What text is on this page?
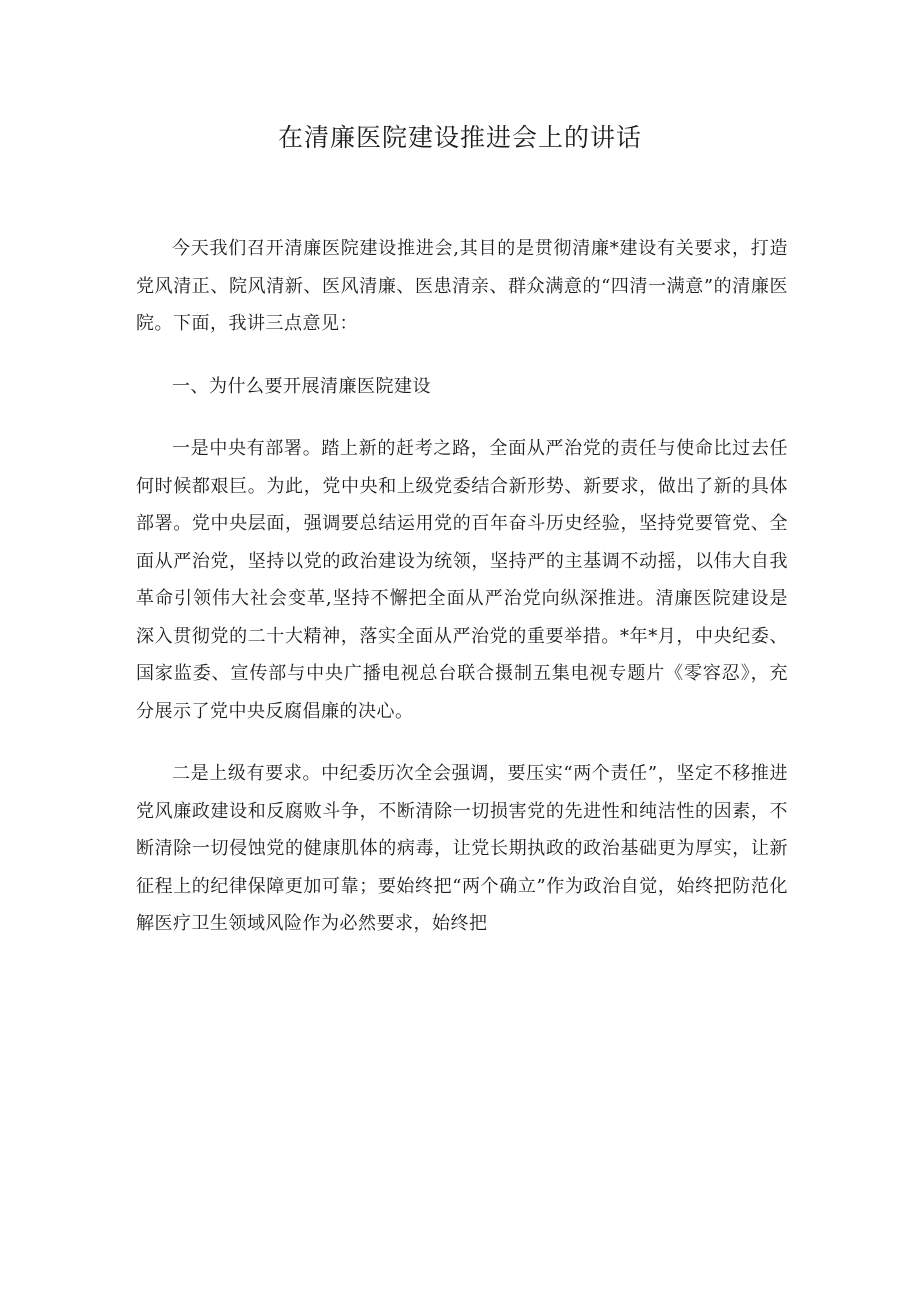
在清廉医院建设推进会上的讲话

今天我们召开清廉医院建设推进会,其目的是贯彻清廉*建设有关要求，打造党风清正、院风清新、医风清廉、医患清亲、群众满意的“四清一满意”的清廉医院。下面，我讲三点意见：

一、为什么要开展清廉医院建设

一是中央有部署。踏上新的赶考之路，全面从严治党的责任与使命比过去任何时候都艰巨。为此，党中央和上级党委结合新形势、新要求，做出了新的具体部署。党中央层面，强调要总结运用党的百年奋斗历史经验，坚持党要管党、全面从严治党，坚持以党的政治建设为统领，坚持严的主基调不动摇，以伟大自我革命引领伟大社会变革,坚持不懈把全面从严治党向纵深推进。清廉医院建设是深入贯彻党的二十大精神，落实全面从严治党的重要举措。*年*月，中央纪委、国家监委、宣传部与中央广播电视总台联合摄制五集电视专题片《零容忍》，充分展示了党中央反腐倡廉的决心。

二是上级有要求。中纪委历次全会强调，要压实“两个责任”，坚定不移推进党风廉政建设和反腐败斗争，不断清除一切损害党的先进性和纯洁性的因素，不断清除一切侵蚀党的健康肌体的病毒，让党长期执政的政治基础更为厚实，让新征程上的纪律保障更加可靠；要始终把“两个确立”作为政治自觉，始终把防范化解医疗卫生领域风险作为必然要求，始终把
